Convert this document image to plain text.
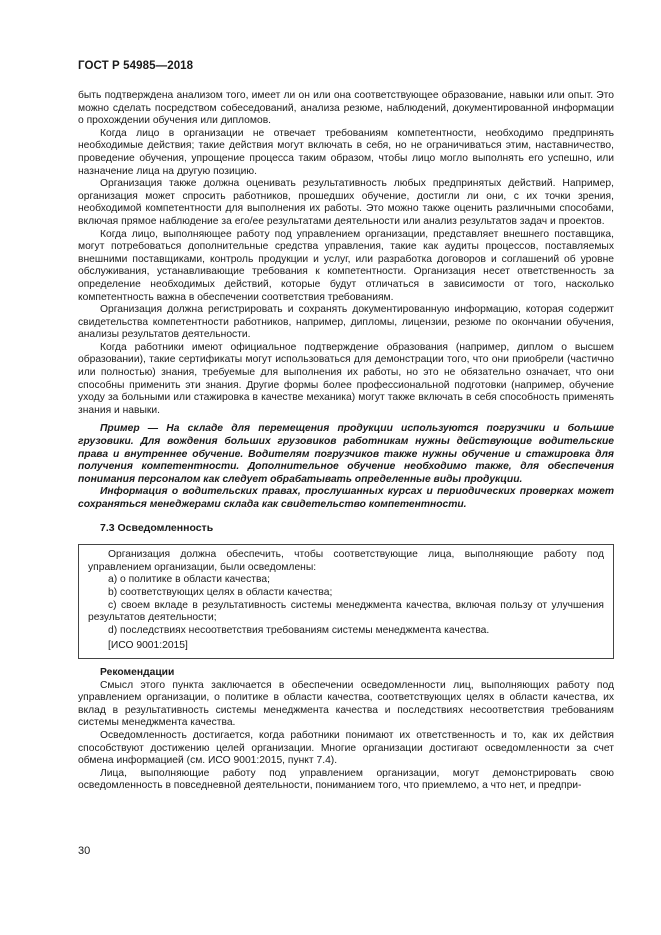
ГОСТ Р 54985—2018

быть подтверждена анализом того, имеет ли он или она соответствующее образование, навыки или опыт. Это можно сделать посредством собеседований, анализа резюме, наблюдений, документированной информации о прохождении обучения или дипломов.

Когда лицо в организации не отвечает требованиям компетентности, необходимо предпринять необходимые действия; такие действия могут включать в себя, но не ограничиваться этим, наставничество, проведение обучения, упрощение процесса таким образом, чтобы лицо могло выполнять его успешно, или назначение лица на другую позицию.

Организация также должна оценивать результативность любых предпринятых действий. Например, организация может спросить работников, прошедших обучение, достигли ли они, с их точки зрения, необходимой компетентности для выполнения их работы. Это можно также оценить различными способами, включая прямое наблюдение за его/ее результатами деятельности или анализ результатов задач и проектов.

Когда лицо, выполняющее работу под управлением организации, представляет внешнего поставщика, могут потребоваться дополнительные средства управления, такие как аудиты процессов, поставляемых внешними поставщиками, контроль продукции и услуг, или разработка договоров и соглашений об уровне обслуживания, устанавливающие требования к компетентности. Организация несет ответственность за определение необходимых действий, которые будут отличаться в зависимости от того, насколько компетентность важна в обеспечении соответствия требованиям.

Организация должна регистрировать и сохранять документированную информацию, которая содержит свидетельства компетентности работников, например, дипломы, лицензии, резюме по окончании обучения, анализы результатов деятельности.

Когда работники имеют официальное подтверждение образования (например, диплом о высшем образовании), такие сертификаты могут использоваться для демонстрации того, что они приобрели (частично или полностью) знания, требуемые для выполнения их работы, но это не обязательно означает, что они способны применить эти знания. Другие формы более профессиональной подготовки (например, обучение уходу за больными или стажировка в качестве механика) могут также включать в себя способность применять знания и навыки.

Пример — На складе для перемещения продукции используются погрузчики и большие грузовики. Для вождения больших грузовиков работникам нужны действующие водительские права и внутреннее обучение. Водителям погрузчиков также нужны обучение и стажировка для получения компетентности. Дополнительное обучение необходимо также, для обеспечения понимания персоналом как следует обрабатывать определенные виды продукции.

Информация о водительских правах, прослушанных курсах и периодических проверках может сохраняться менеджерами склада как свидетельство компетентности.

7.3 Осведомленность

Организация должна обеспечить, чтобы соответствующие лица, выполняющие работу под управлением организации, были осведомлены:

a) о политике в области качества;

b) соответствующих целях в области качества;

c) своем вкладе в результативность системы менеджмента качества, включая пользу от улучшения результатов деятельности;

d) последствиях несоответствия требованиям системы менеджмента качества.

[ИСО 9001:2015]

Рекомендации

Смысл этого пункта заключается в обеспечении осведомленности лиц, выполняющих работу под управлением организации, о политике в области качества, соответствующих целях в области качества, их вклад в результативность системы менеджмента качества и последствиях несоответствия требованиям системы менеджмента качества.

Осведомленность достигается, когда работники понимают их ответственность и то, как их действия способствуют достижению целей организации. Многие организации достигают осведомленности за счет обмена информацией (см. ИСО 9001:2015, пункт 7.4).

Лица, выполняющие работу под управлением организации, могут демонстрировать свою осведомленность в повседневной деятельности, пониманием того, что приемлемо, а что нет, и предпри-

30
